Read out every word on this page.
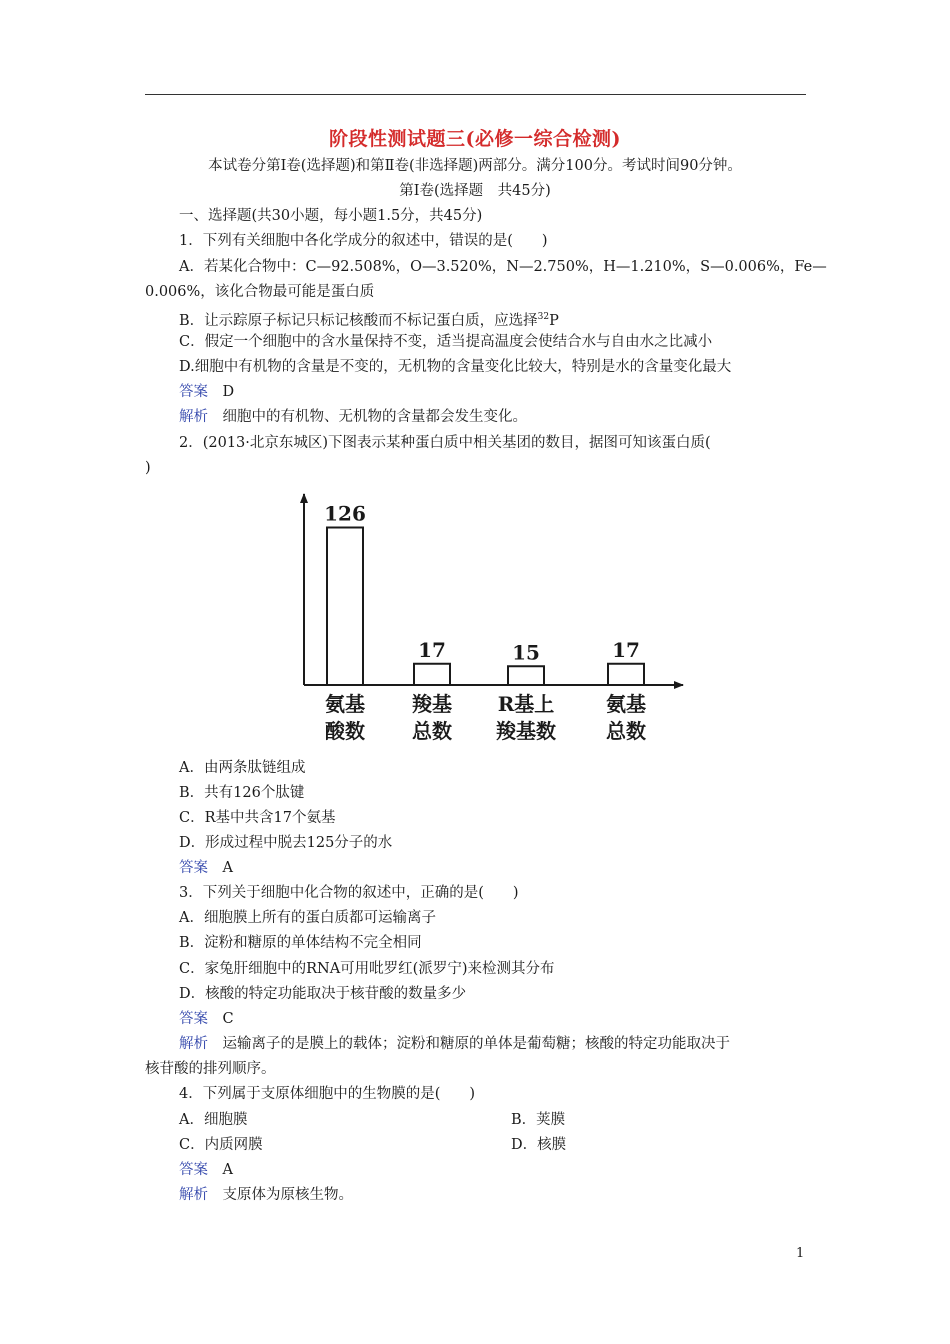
阶段性测试题三(必修一综合检测)
本试卷分第Ⅰ卷(选择题)和第Ⅱ卷(非选择题)两部分。满分100分。考试时间90分钟。
第Ⅰ卷(选择题　共45分)
一、选择题(共30小题，每小题1.5分，共45分)
1．下列有关细胞中各化学成分的叙述中，错误的是(　　)
A．若某化合物中：C—92.508%，O—3.520%，N—2.750%，H—1.210%，S—0.006%，Fe—
0.006%，该化合物最可能是蛋白质
B．让示踪原子标记只标记核酸而不标记蛋白质，应选择$^{32}$P
C．假定一个细胞中的含水量保持不变，适当提高温度会使结合水与自由水之比减小
D.细胞中有机物的含量是不变的，无机物的含量变化比较大，特别是水的含量变化最大
答案　 D
解析　 细胞中的有机物、无机物的含量都会发生变化。
2．(2013·北京东城区)下图表示某种蛋白质中相关基团的数目，据图可知该蛋白质(
)
126
氨基
酸数
17
羧基
总数
15
R基上
羧基数
17
氨基
总数
A．由两条肽链组成
B．共有126个肽键
C．R基中共含17个氨基
D．形成过程中脱去125分子的水
答案　 A
3．下列关于细胞中化合物的叙述中，正确的是(　　)
A．细胞膜上所有的蛋白质都可运输离子
B．淀粉和糖原的单体结构不完全相同
C．家兔肝细胞中的RNA可用吡罗红(派罗宁)来检测其分布
D．核酸的特定功能取决于核苷酸的数量多少
答案　 C
解析　 运输离子的是膜上的载体；淀粉和糖原的单体是葡萄糖；核酸的特定功能取决于
核苷酸的排列顺序。
4．下列属于支原体细胞中的生物膜的是(　　)
A．细胞膜	B．荚膜
C．内质网膜	D．核膜
答案　 A
解析　 支原体为原核生物。
1
